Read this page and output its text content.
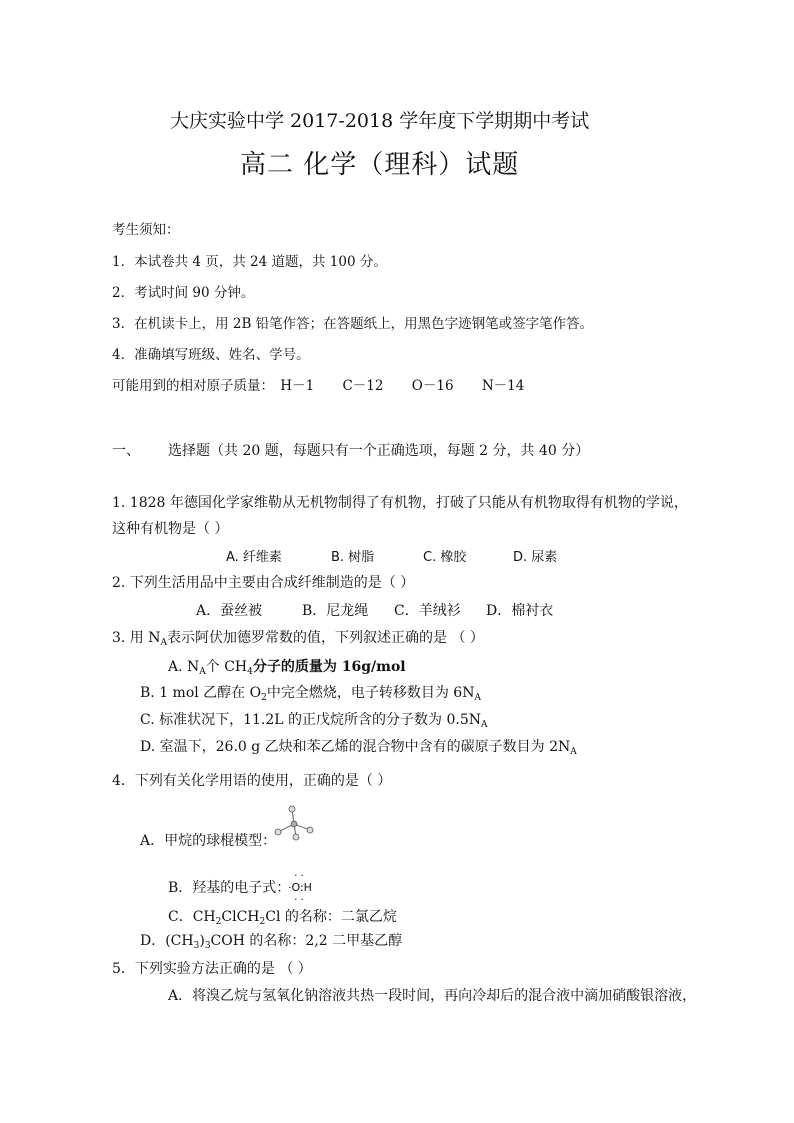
大庆实验中学 2017-2018 学年度下学期期中考试
高二 化学（理科）试题
考生须知：
1．本试卷共 4 页，共 24 道题，共 100 分。
2．考试时间 90 分钟。
3．在机读卡上，用 2B 铅笔作答；在答题纸上，用黑色字迹钢笔或签字笔作答。
4．准确填写班级、姓名、学号。
可能用到的相对原子质量： H－1 C－12 O－16 N－14
一、 选择题（共 20 题，每题只有一个正确选项，每题 2 分，共 40 分）
1. 1828 年德国化学家维勒从无机物制得了有机物，打破了只能从有机物取得有机物的学说，
这种有机物是（ ）
A. 纤维素	B. 树脂	C. 橡胶	D. 尿素
2. 下列生活用品中主要由合成纤维制造的是（ ）
A．蚕丝被	B．尼龙绳 C．羊绒衫 D．棉衬衣
3. 用 $N_A$表示阿伏加德罗常数的值，下列叙述正确的是 （ ）
A. $N_A$个 $CH_4$分子的质量为 16g/mol
B. 1 mol 乙醇在 $O_2$中完全燃烧，电子转移数目为 $6N_A$
C. 标准状况下，11.2L 的正戊烷所含的分子数为 $0.5N_A$
D. 室温下，26.0 g 乙炔和苯乙烯的混合物中含有的碳原子数目为 $2N_A$
4．下列有关化学用语的使用，正确的是（ ）
A．甲烷的球棍模型：
B．羟基的电子式：
··
·O:H
··
C．$CH_2ClCH_2Cl$ 的名称：二氯乙烷
D．$(CH_3)_3COH$ 的名称：2,2 二甲基乙醇
5．下列实验方法正确的是 （ ）
A．将溴乙烷与氢氧化钠溶液共热一段时间，再向冷却后的混合液中滴加硝酸银溶液，
